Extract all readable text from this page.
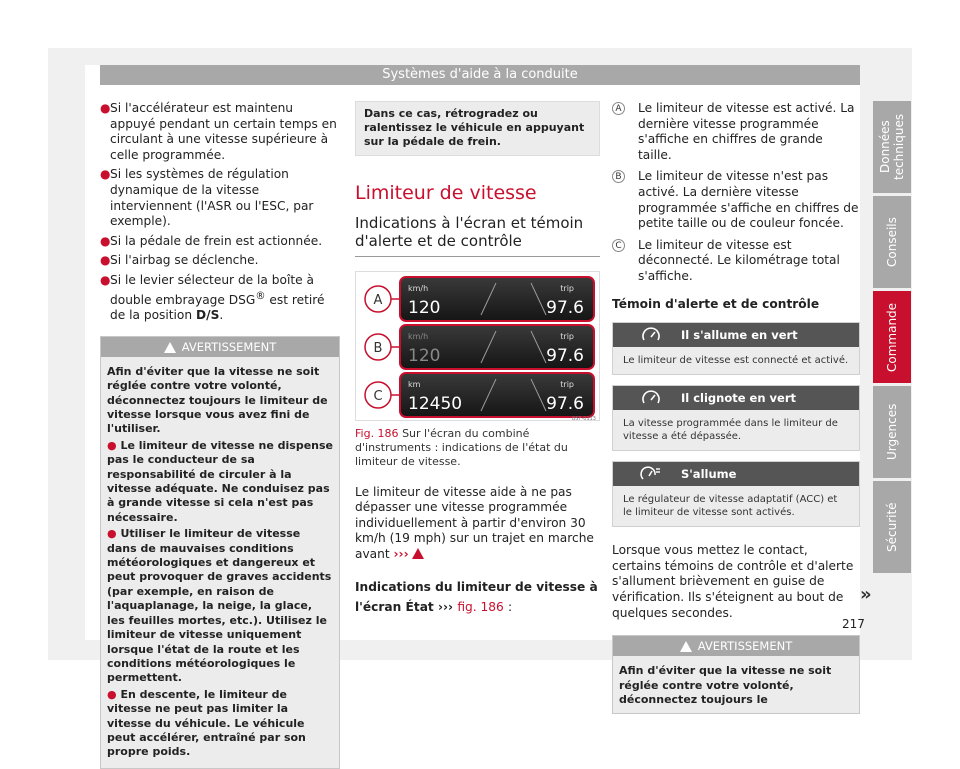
Systèmes d'aide à la conduite
● Si l'accélérateur est maintenu appuyé pendant un certain temps en circulant à une vitesse supérieure à celle programmée.
● Si les systèmes de régulation dynamique de la vitesse interviennent (l'ASR ou l'ESC, par exemple).
● Si la pédale de frein est actionnée.
● Si l'airbag se déclenche.
● Si le levier sélecteur de la boîte à double embrayage DSG® est retiré de la position D/S.
AVERTISSEMENT
Afin d'éviter que la vitesse ne soit réglée contre votre volonté, déconnectez toujours le limiteur de vitesse lorsque vous avez fini de l'utiliser.
● Le limiteur de vitesse ne dispense pas le conducteur de sa responsabilité de circuler à la vitesse adéquate. Ne conduisez pas à grande vitesse si cela n'est pas nécessaire.
● Utiliser le limiteur de vitesse dans de mauvaises conditions météorologiques et dangereux et peut provoquer de graves accidents (par exemple, en raison de l'aquaplanage, la neige, la glace, les feuilles mortes, etc.). Utilisez le limiteur de vitesse uniquement lorsque l'état de la route et les conditions météorologiques le permettent.
● En descente, le limiteur de vitesse ne peut pas limiter la vitesse du véhicule. Le véhicule peut accélérer, entraîné par son propre poids.
Dans ce cas, rétrogradez ou ralentissez le véhicule en appuyant sur la pédale de frein.
Limiteur de vitesse
Indications à l'écran et témoin d'alerte et de contrôle
A
km/h
120
trip
97.6
B
km/h
120
trip
97.6
C
km
12450
trip
97.6
B5F-0113
Fig. 186 Sur l'écran du combiné d'instruments : indications de l'état du limiteur de vitesse.
Le limiteur de vitesse aide à ne pas dépasser une vitesse programmée individuellement à partir d'environ 30 km/h (19 mph) sur un trajet en marche avant ›››
Indications du limiteur de vitesse à l'écran État ››› fig. 186 :
A Le limiteur de vitesse est activé. La dernière vitesse programmée s'affiche en chiffres de grande taille.
B Le limiteur de vitesse n'est pas activé. La dernière vitesse programmée s'affiche en chiffres de petite taille ou de couleur foncée.
C Le limiteur de vitesse est déconnecté. Le kilométrage total s'affiche.
Témoin d'alerte et de contrôle
Il s'allume en vert
Le limiteur de vitesse est connecté et activé.
Il clignote en vert
La vitesse programmée dans le limiteur de vitesse a été dépassée.
S'allume
Le régulateur de vitesse adaptatif (ACC) et le limiteur de vitesse sont activés.
Lorsque vous mettez le contact, certains témoins de contrôle et d'alerte s'allument brièvement en guise de vérification. Ils s'éteignent au bout de quelques secondes.
AVERTISSEMENT
Afin d'éviter que la vitesse ne soit réglée contre votre volonté, déconnectez toujours le
»
Données techniques
Conseils
Commande
Urgences
Sécurité
217
